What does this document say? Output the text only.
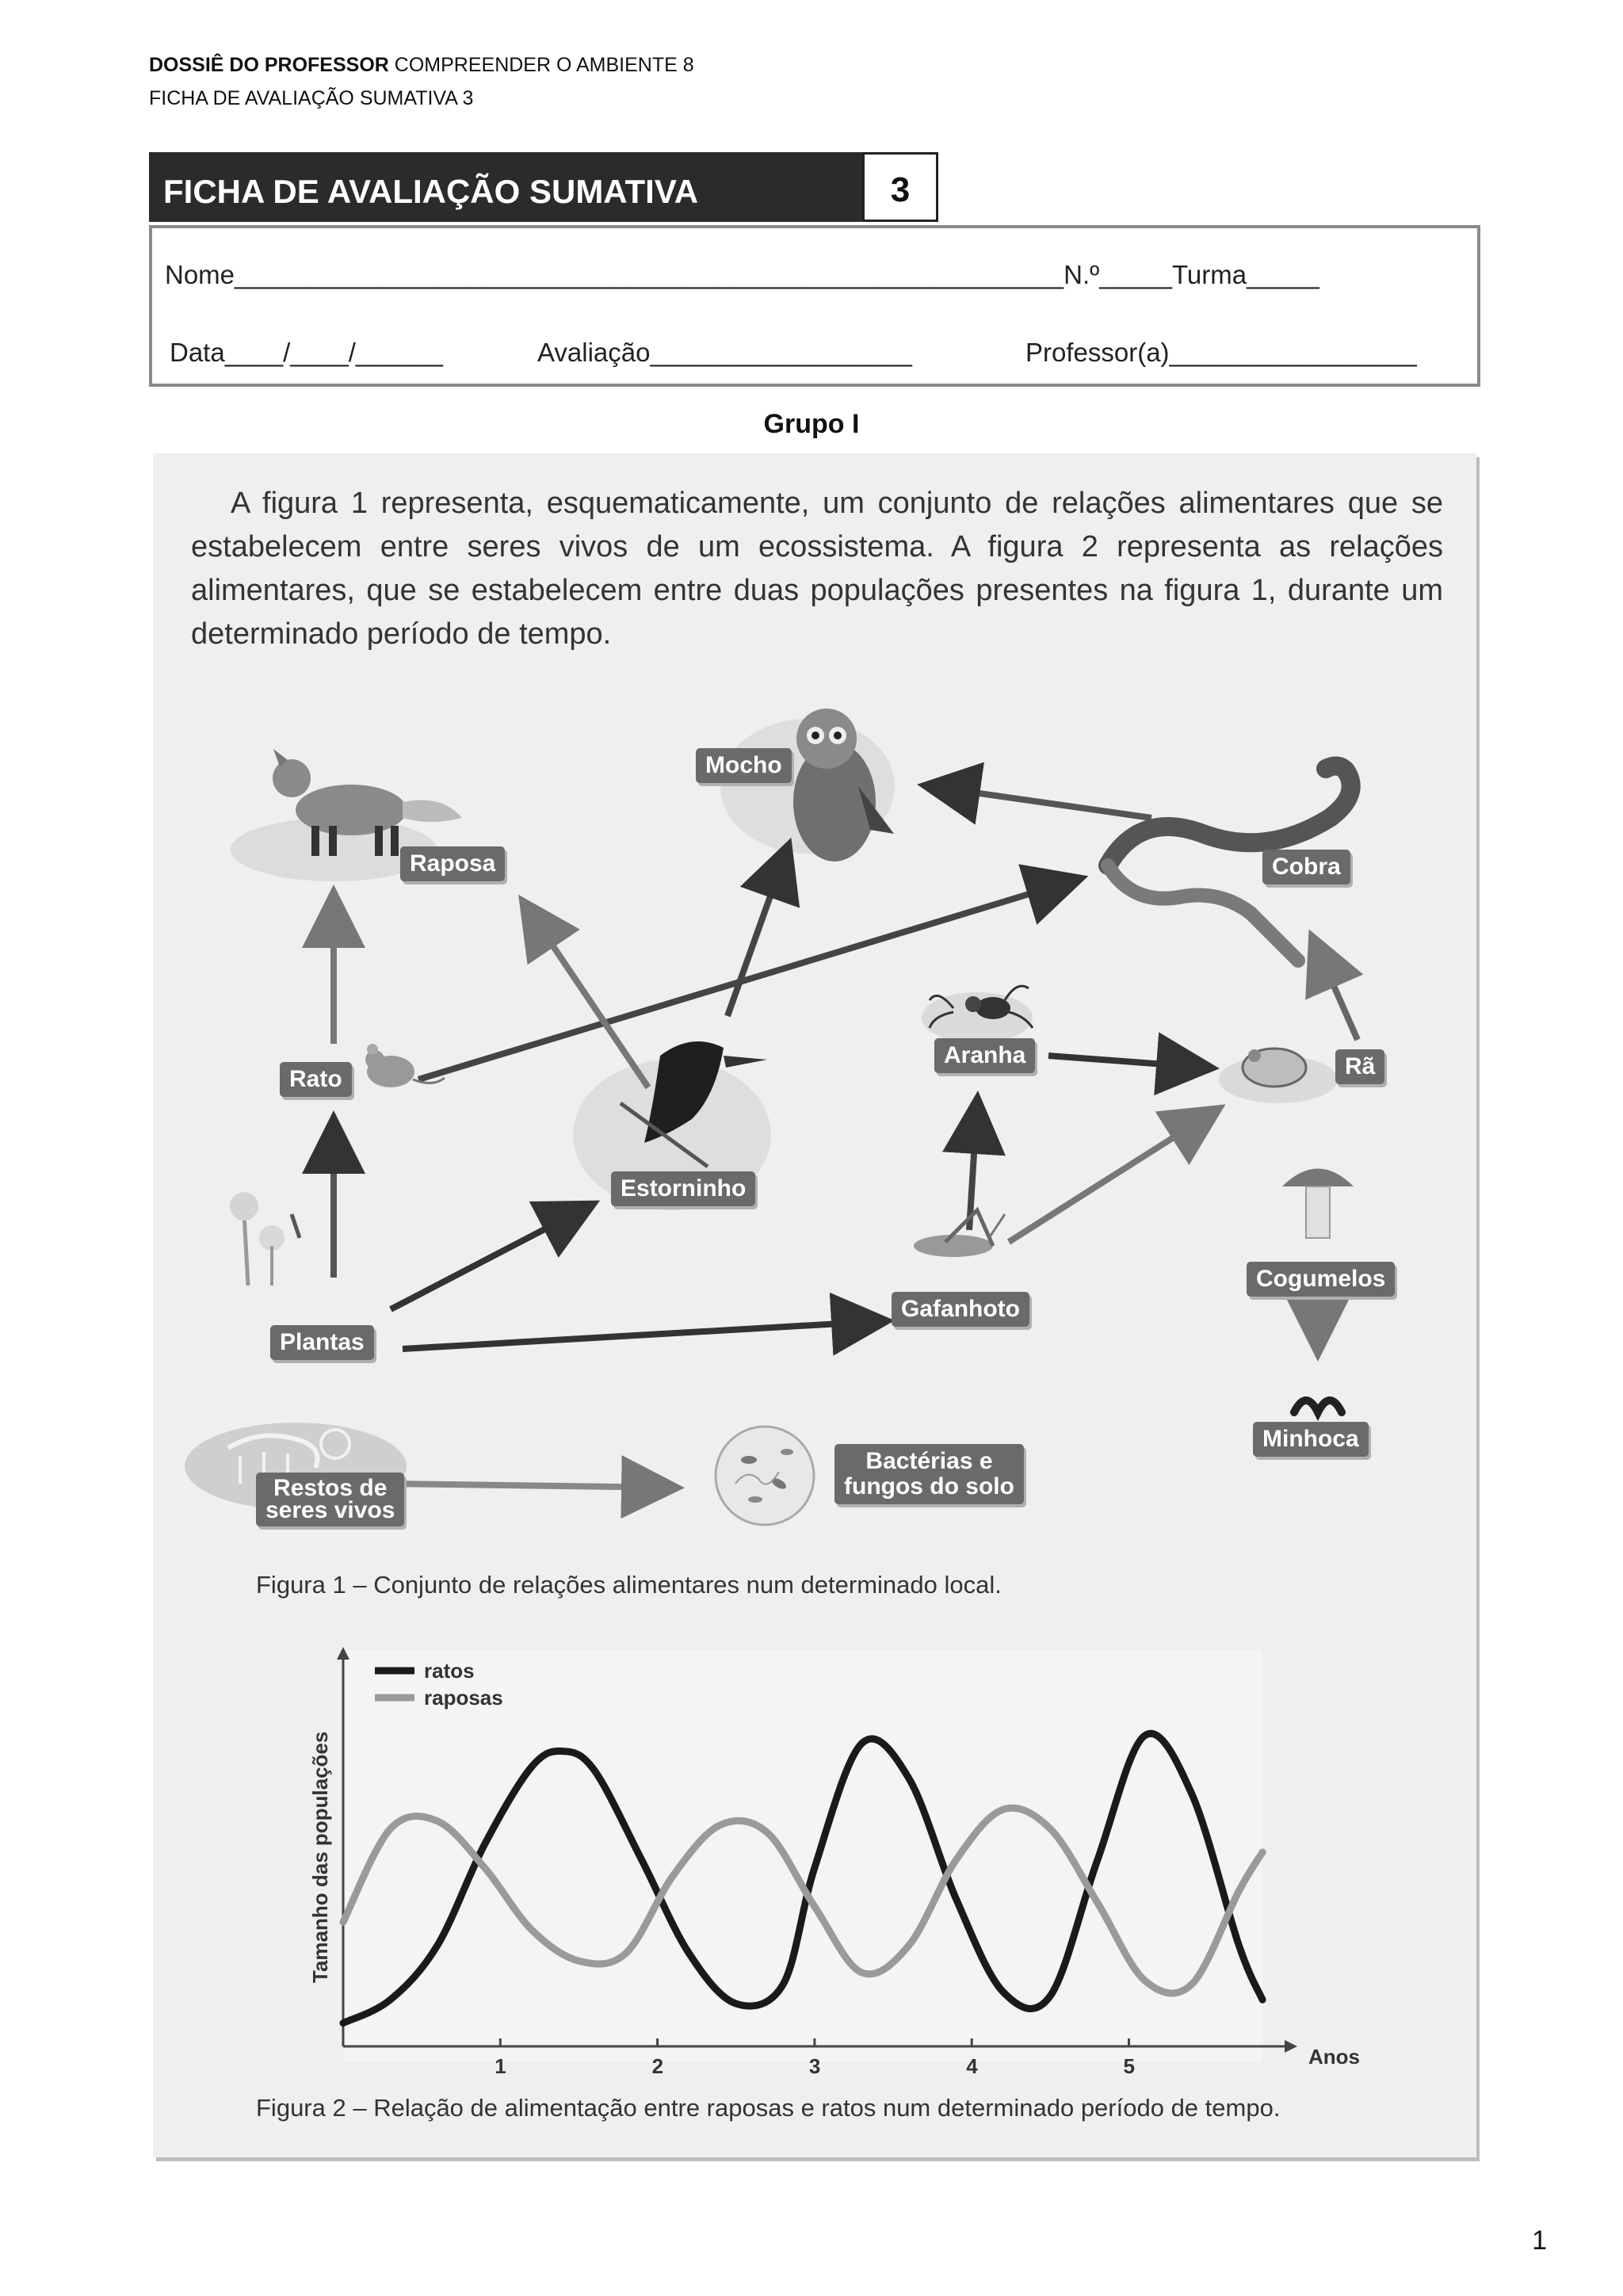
DOSSIÊ DO PROFESSOR COMPREENDER O AMBIENTE 8
FICHA DE AVALIAÇÃO SUMATIVA 3
FICHA DE AVALIAÇÃO SUMATIVA	3
Nome_________________________________________________________N.º_____Turma_____
Data____/____/______	Avaliação__________________	Professor(a)_________________
Grupo I
A figura 1 representa, esquematicamente, um conjunto de relações alimentares que se estabelecem entre seres vivos de um ecossistema. A figura 2 representa as relações alimentares, que se estabelecem entre duas populações presentes na figura 1, durante um determinado período de tempo.
Mocho
Raposa	Cobra
Rato
Aranha	Rã
Estorninho
Cogumelos
Plantas
Gafanhoto
Minhoca
Restos de
seres vivos
Bactérias e
fungos do solo
Figura 1 – Conjunto de relações alimentares num determinado local.
Anos
Tamanho das populações
1	2	3	4	5
ratos
raposas
Figura 2 – Relação de alimentação entre raposas e ratos num determinado período de tempo.
1
